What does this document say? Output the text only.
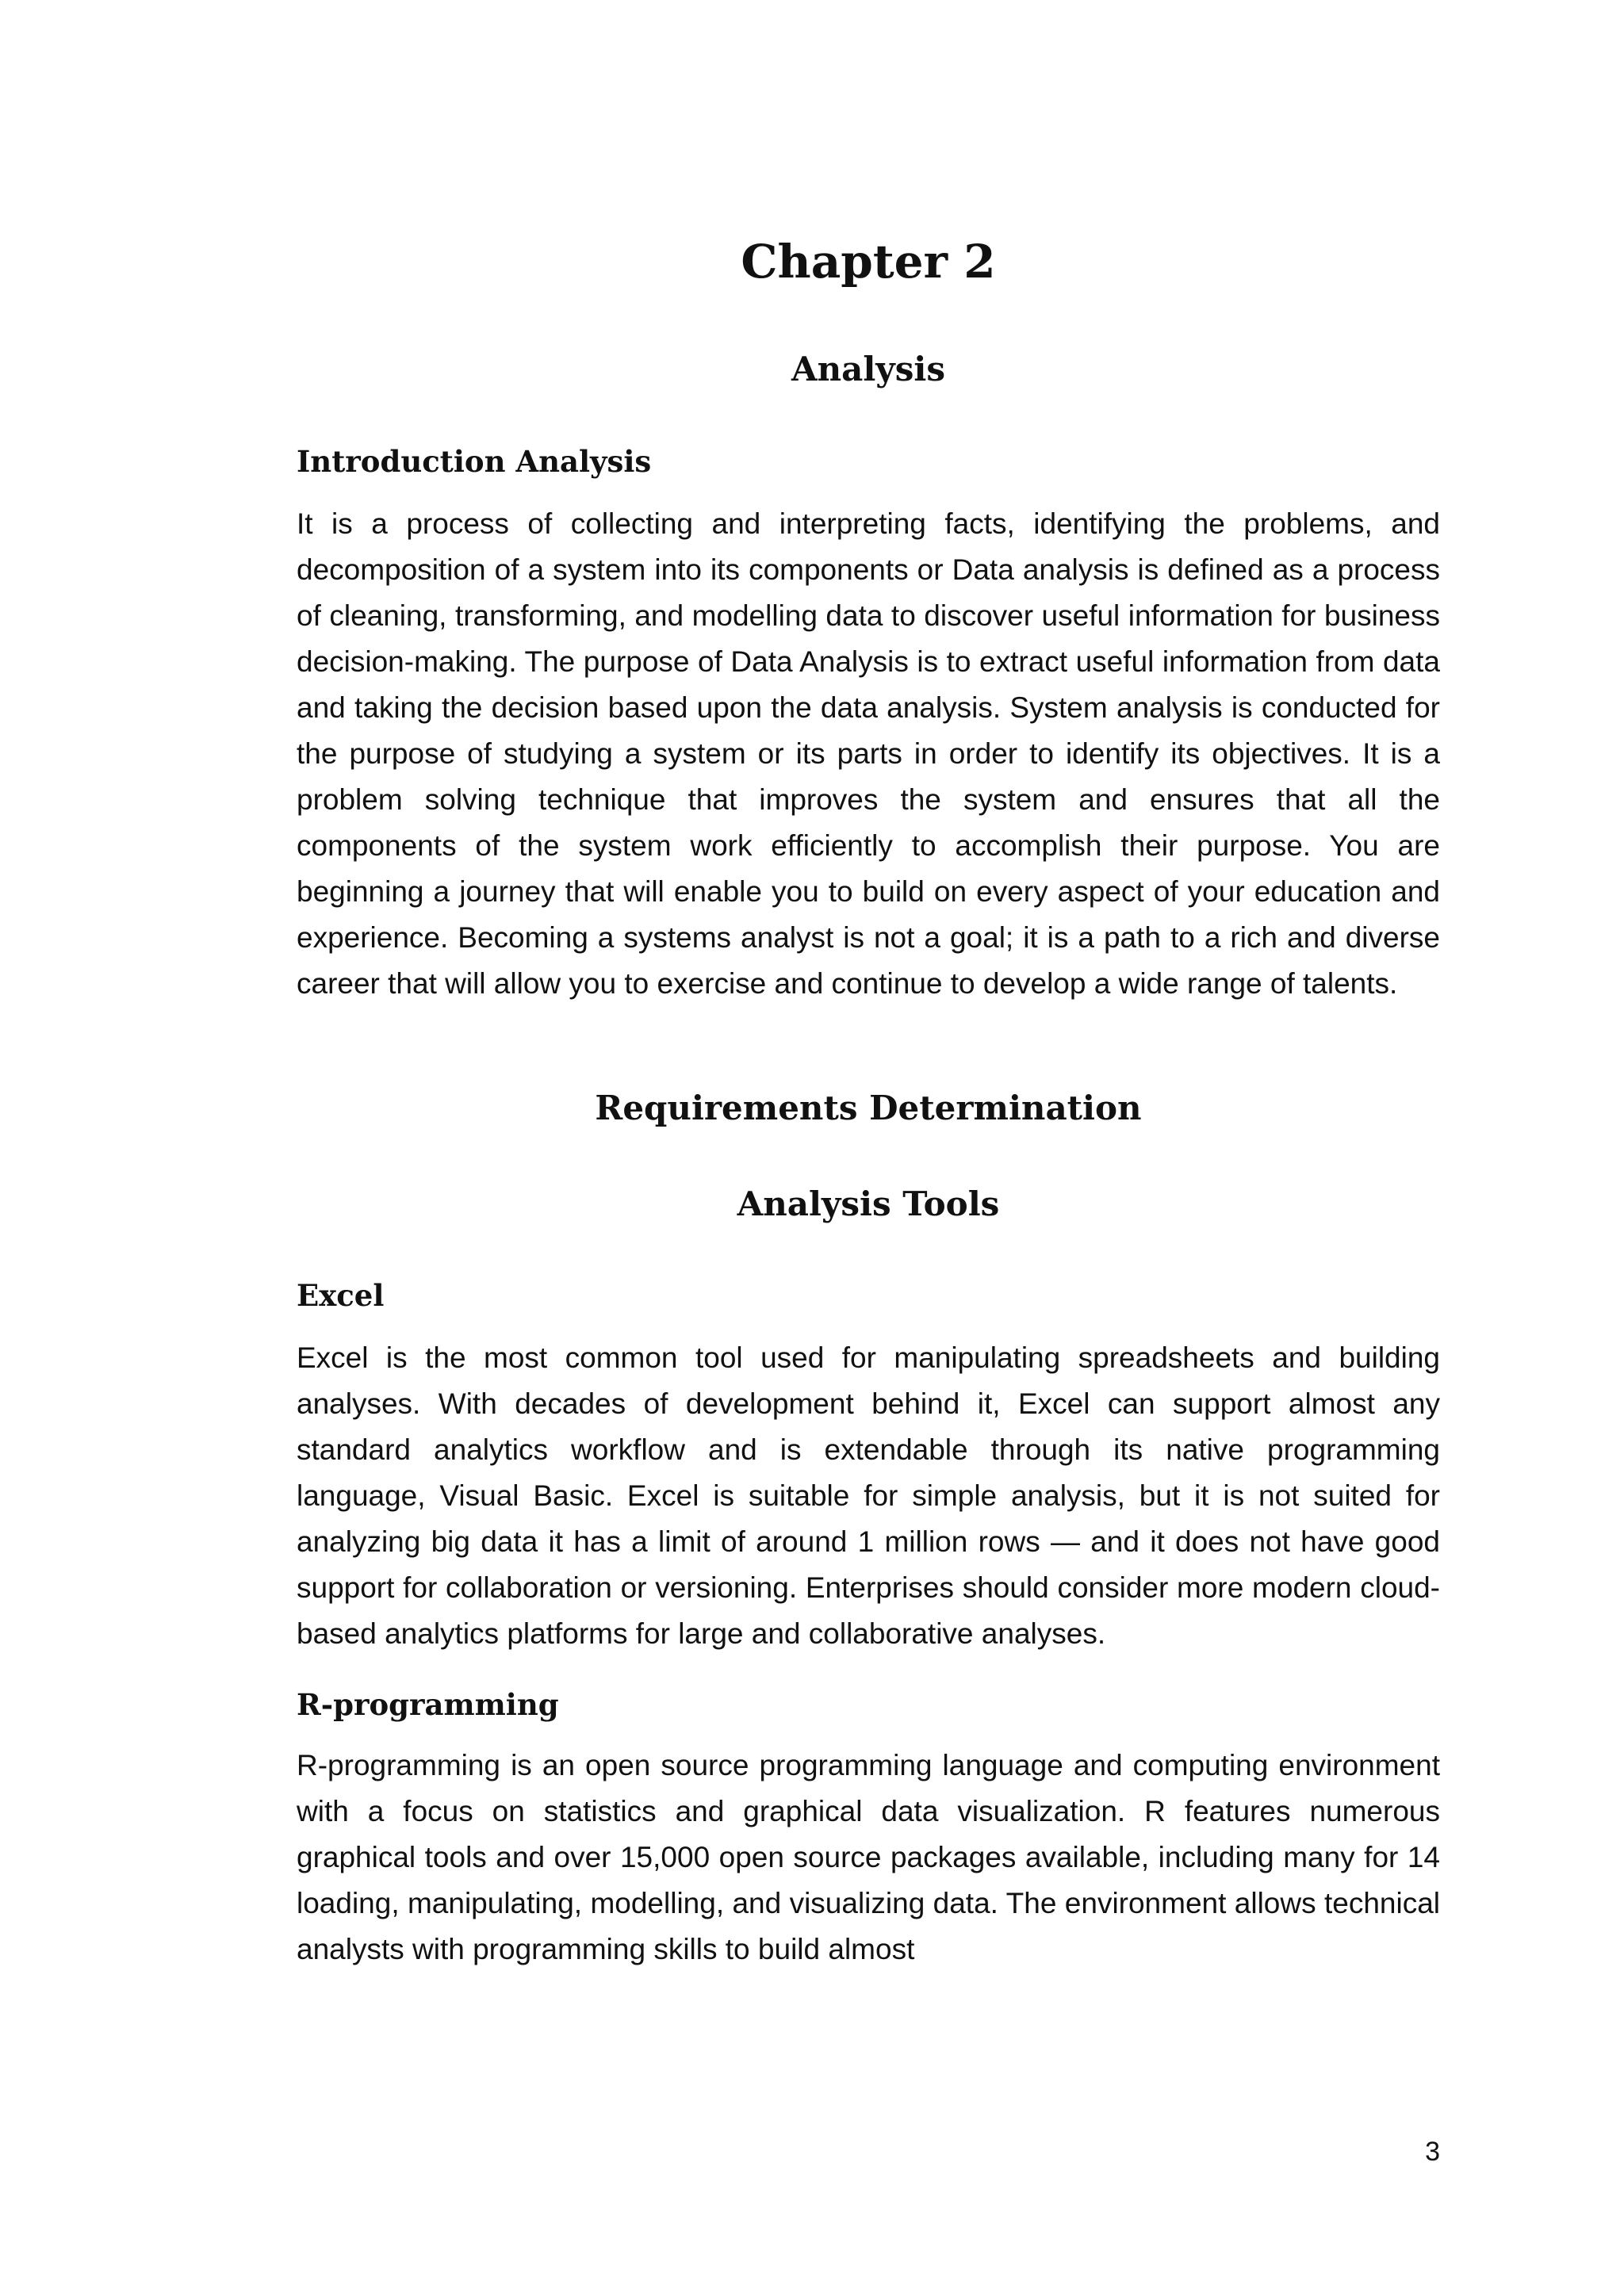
Chapter 2
Analysis
Introduction Analysis

It is a process of collecting and interpreting facts, identifying the problems, and decomposition of a system into its components or Data analysis is defined as a process of cleaning, transforming, and modelling data to discover useful information for business decision-making. The purpose of Data Analysis is to extract useful information from data and taking the decision based upon the data analysis. System analysis is conducted for the purpose of studying a system or its parts in order to identify its objectives. It is a problem solving technique that improves the system and ensures that all the components of the system work efficiently to accomplish their purpose. You are beginning a journey that will enable you to build on every aspect of your education and experience. Becoming a systems analyst is not a goal; it is a path to a rich and diverse career that will allow you to exercise and continue to develop a wide range of talents.

Requirements Determination
Analysis Tools
Excel

Excel is the most common tool used for manipulating spreadsheets and building analyses. With decades of development behind it, Excel can support almost any standard analytics workflow and is extendable through its native programming language, Visual Basic. Excel is suitable for simple analysis, but it is not suited for analyzing big data it has a limit of around 1 million rows — and it does not have good support for collaboration or versioning. Enterprises should consider more modern cloud-based analytics platforms for large and collaborative analyses.

R-programming

R-programming is an open source programming language and computing environment with a focus on statistics and graphical data visualization. R features numerous graphical tools and over 15,000 open source packages available, including many for 14 loading, manipulating, modelling, and visualizing data. The environment allows technical analysts with programming skills to build almost

3
